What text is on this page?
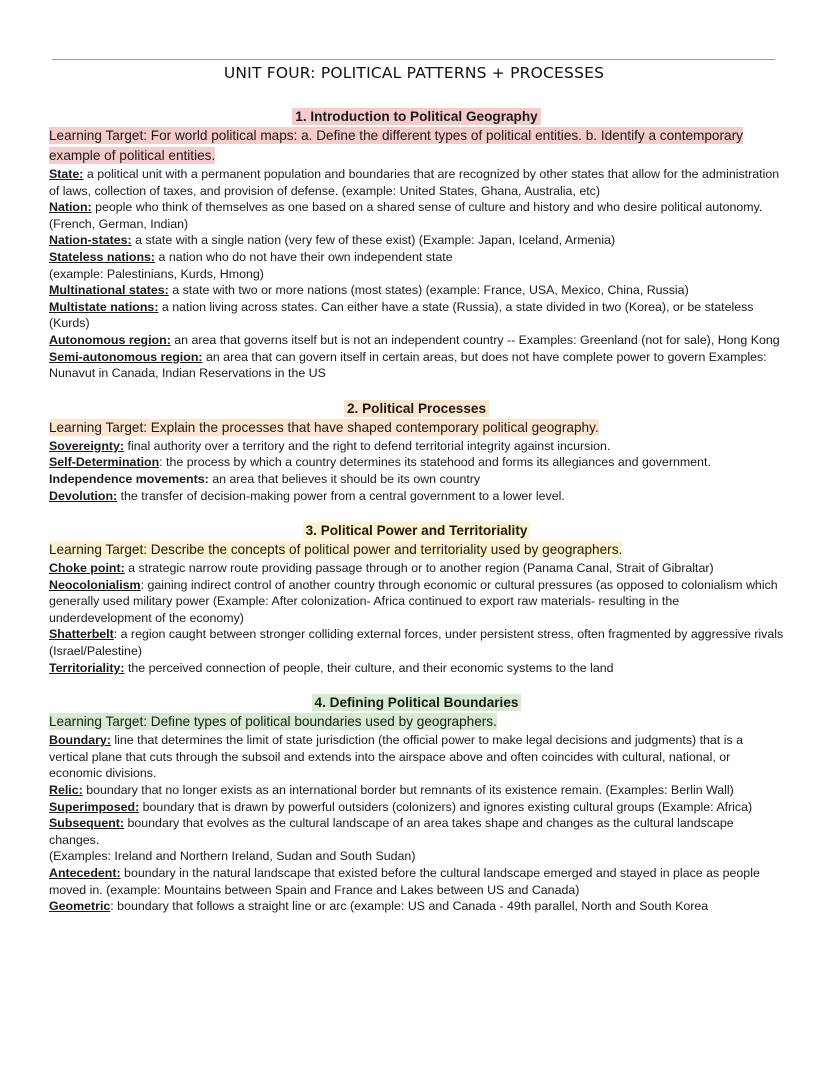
UNIT FOUR: POLITICAL PATTERNS + PROCESSES

1. Introduction to Political Geography

Learning Target: For world political maps: a. Define the different types of political entities. b. Identify a contemporary example of political entities.

State: a political unit with a permanent population and boundaries that are recognized by other states that allow for the administration of laws, collection of taxes, and provision of defense. (example: United States, Ghana, Australia, etc)

Nation: people who think of themselves as one based on a shared sense of culture and history and who desire political autonomy. (French, German, Indian)

Nation-states: a state with a single nation (very few of these exist) (Example: Japan, Iceland, Armenia)

Stateless nations: a nation who do not have their own independent state

(example: Palestinians, Kurds, Hmong)

Multinational states: a state with two or more nations (most states) (example: France, USA, Mexico, China, Russia)

Multistate nations: a nation living across states. Can either have a state (Russia), a state divided in two (Korea), or be stateless (Kurds)

Autonomous region: an area that governs itself but is not an independent country -- Examples: Greenland (not for sale), Hong Kong

Semi-autonomous region: an area that can govern itself in certain areas, but does not have complete power to govern Examples: Nunavut in Canada, Indian Reservations in the US

2. Political Processes

Learning Target: Explain the processes that have shaped contemporary political geography.

Sovereignty: final authority over a territory and the right to defend territorial integrity against incursion.

Self-Determination: the process by which a country determines its statehood and forms its allegiances and government.

Independence movements: an area that believes it should be its own country

Devolution: the transfer of decision-making power from a central government to a lower level.

3. Political Power and Territoriality

Learning Target: Describe the concepts of political power and territoriality used by geographers.

Choke point: a strategic narrow route providing passage through or to another region (Panama Canal, Strait of Gibraltar)

Neocolonialism: gaining indirect control of another country through economic or cultural pressures (as opposed to colonialism which generally used military power (Example: After colonization- Africa continued to export raw materials- resulting in the underdevelopment of the economy)

Shatterbelt: a region caught between stronger colliding external forces, under persistent stress, often fragmented by aggressive rivals (Israel/Palestine)

Territoriality: the perceived connection of people, their culture, and their economic systems to the land

4. Defining Political Boundaries

Learning Target: Define types of political boundaries used by geographers.

Boundary: line that determines the limit of state jurisdiction (the official power to make legal decisions and judgments) that is a vertical plane that cuts through the subsoil and extends into the airspace above and often coincides with cultural, national, or economic divisions.

Relic: boundary that no longer exists as an international border but remnants of its existence remain. (Examples: Berlin Wall)

Superimposed: boundary that is drawn by powerful outsiders (colonizers) and ignores existing cultural groups (Example: Africa)

Subsequent: boundary that evolves as the cultural landscape of an area takes shape and changes as the cultural landscape changes.

(Examples: Ireland and Northern Ireland, Sudan and South Sudan)

Antecedent: boundary in the natural landscape that existed before the cultural landscape emerged and stayed in place as people moved in. (example: Mountains between Spain and France and Lakes between US and Canada)

Geometric: boundary that follows a straight line or arc (example: US and Canada - 49th parallel, North and South Korea
